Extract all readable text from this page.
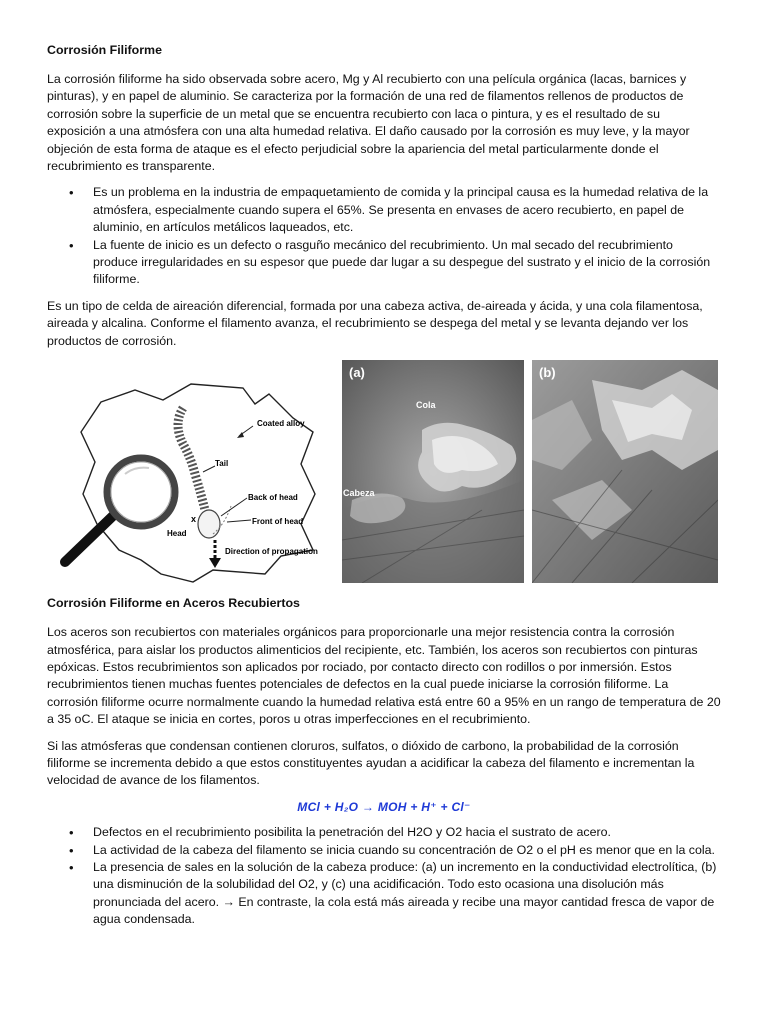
Corrosión Filiforme

La corrosión filiforme ha sido observada sobre acero, Mg y Al recubierto con una película orgánica (lacas, barnices y pinturas), y en papel de aluminio. Se caracteriza por la formación de una red de filamentos rellenos de productos de corrosión sobre la superficie de un metal que se encuentra recubierto con laca o pintura, y es el resultado de su exposición a una atmósfera con una alta humedad relativa. El daño causado por la corrosión es muy leve, y la mayor objeción de esta forma de ataque es el efecto perjudicial sobre la apariencia del metal particularmente donde el recubrimiento es transparente.

• Es un problema en la industria de empaquetamiento de comida y la principal causa es la humedad relativa de la atmósfera, especialmente cuando supera el 65%. Se presenta en envases de acero recubierto, en papel de aluminio, en artículos metálicos laqueados, etc.
• La fuente de inicio es un defecto o rasguño mecánico del recubrimiento. Un mal secado del recubrimiento produce irregularidades en su espesor que puede dar lugar a su despegue del sustrato y el inicio de la corrosión filiforme.

Es un tipo de celda de aireación diferencial, formada por una cabeza activa, de-aireada y ácida, y una cola filamentosa, aireada y alcalina. Conforme el filamento avanza, el recubrimiento se despega del metal y se levanta dejando ver los productos de corrosión.

Coated alloy
Tail
Back of head
Front of head
Head
x
Direction of propagation
(a)
Cola
Cabeza
(b)
Corrosión Filiforme en Aceros Recubiertos

Los aceros son recubiertos con materiales orgánicos para proporcionarle una mejor resistencia contra la corrosión atmosférica, para aislar los productos alimenticios del recipiente, etc. También, los aceros son recubiertos con pinturas epóxicas. Estos recubrimientos son aplicados por rociado, por contacto directo con rodillos o por inmersión. Estos recubrimientos tienen muchas fuentes potenciales de defectos en la cual puede iniciarse la corrosión filiforme. La corrosión filiforme ocurre normalmente cuando la humedad relativa está entre 60 a 95% en un rango de temperatura de 20 a 35 oC. El ataque se inicia en cortes, poros u otras imperfecciones en el recubrimiento.

Si las atmósferas que condensan contienen cloruros, sulfatos, o dióxido de carbono, la probabilidad de la corrosión filiforme se incrementa debido a que estos constituyentes ayudan a acidificar la cabeza del filamento e incrementan la velocidad de avance de los filamentos.

MCl + H₂O → MOH + H⁺ + Cl⁻
• Defectos en el recubrimiento posibilita la penetración del H2O y O2 hacia el sustrato de acero.
• La actividad de la cabeza del filamento se inicia cuando su concentración de O2 o el pH es menor que en la cola.
• La presencia de sales en la solución de la cabeza produce: (a) un incremento en la conductividad electrolítica, (b) una disminución de la solubilidad del O2, y (c) una acidificación. Todo esto ocasiona una disolución más pronunciada del acero. → En contraste, la cola está más aireada y recibe una mayor cantidad fresca de vapor de agua condensada.
